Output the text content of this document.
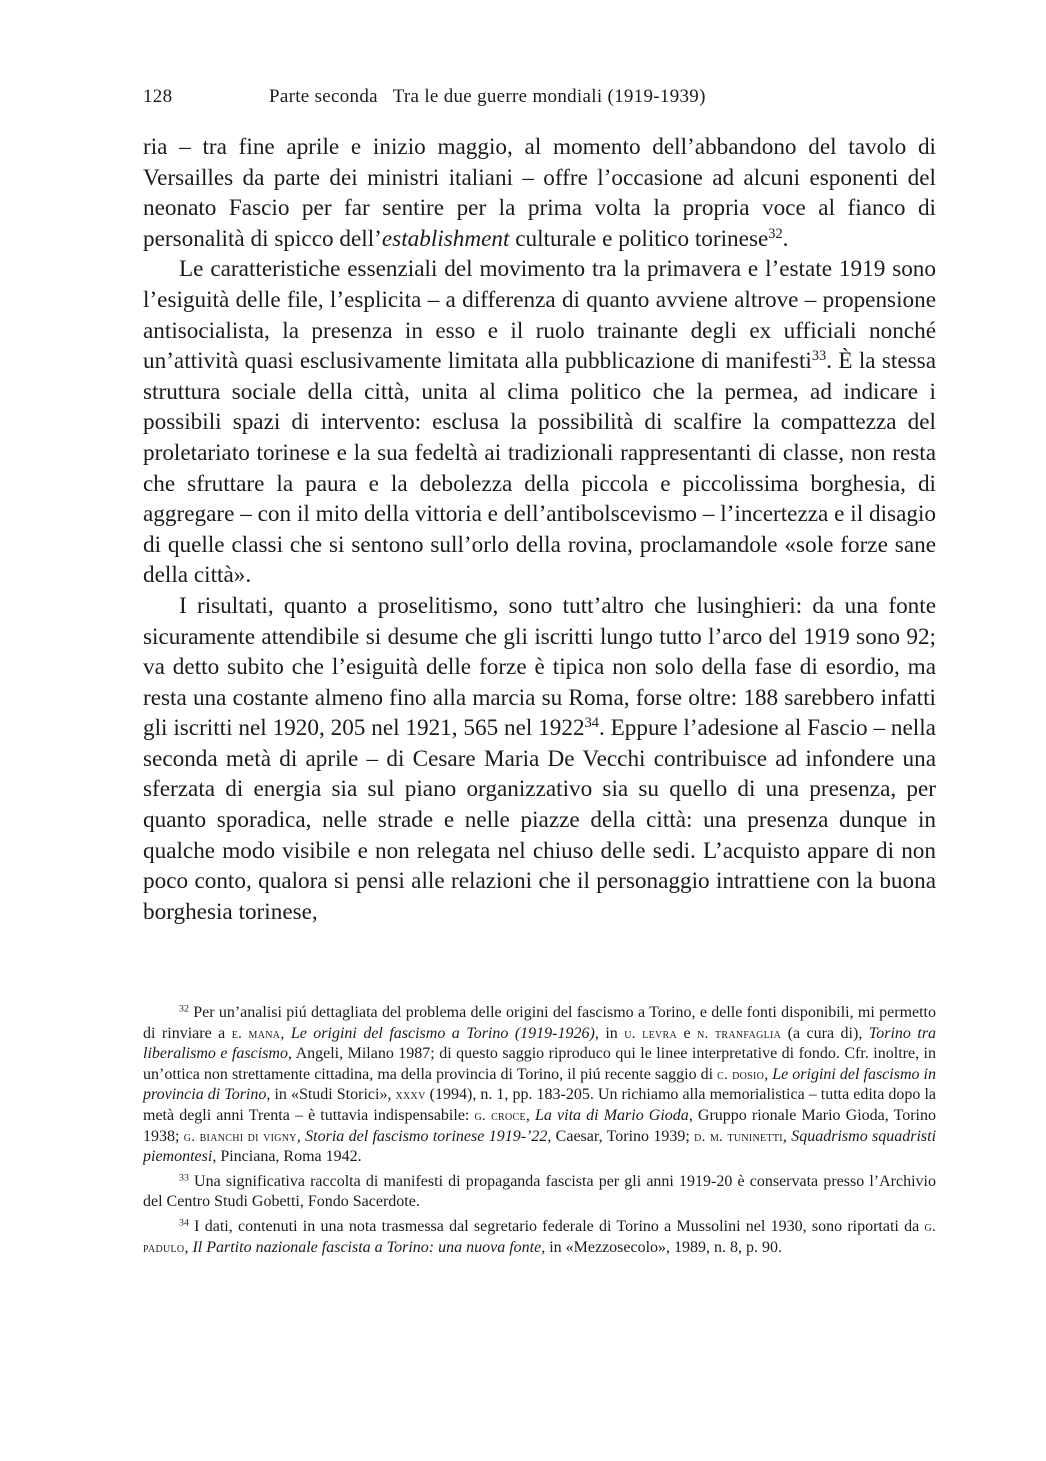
128	Parte seconda   Tra le due guerre mondiali (1919-1939)

ria – tra fine aprile e inizio maggio, al momento dell’abbandono del tavolo di Versailles da parte dei ministri italiani – offre l’occasione ad alcuni esponenti del neonato Fascio per far sentire per la prima volta la propria voce al fianco di personalità di spicco dell’establishment culturale e politico torinese$^{32}$.

Le caratteristiche essenziali del movimento tra la primavera e l’estate 1919 sono l’esiguità delle file, l’esplicita – a differenza di quanto avviene altrove – propensione antisocialista, la presenza in esso e il ruolo trainante degli ex ufficiali nonché un’attività quasi esclusivamente limitata alla pubblicazione di manifesti$^{33}$. È la stessa struttura sociale della città, unita al clima politico che la permea, ad indicare i possibili spazi di intervento: esclusa la possibilità di scalfire la compattezza del proletariato torinese e la sua fedeltà ai tradizionali rappresentanti di classe, non resta che sfruttare la paura e la debolezza della piccola e piccolissima borghesia, di aggregare – con il mito della vittoria e dell’antibolscevismo – l’incertezza e il disagio di quelle classi che si sentono sull’orlo della rovina, proclamandole «sole forze sane della città».

I risultati, quanto a proselitismo, sono tutt’altro che lusinghieri: da una fonte sicuramente attendibile si desume che gli iscritti lungo tutto l’arco del 1919 sono 92; va detto subito che l’esiguità delle forze è tipica non solo della fase di esordio, ma resta una costante almeno fino alla marcia su Roma, forse oltre: 188 sarebbero infatti gli iscritti nel 1920, 205 nel 1921, 565 nel 1922$^{34}$. Eppure l’adesione al Fascio – nella seconda metà di aprile – di Cesare Maria De Vecchi contribuisce ad infondere una sferzata di energia sia sul piano organizzativo sia su quello di una presenza, per quanto sporadica, nelle strade e nelle piazze della città: una presenza dunque in qualche modo visibile e non relegata nel chiuso delle sedi. L’acquisto appare di non poco conto, qualora si pensi alle relazioni che il personaggio intrattiene con la buona borghesia torinese,

$^{32}$ Per un’analisi piú dettagliata del problema delle origini del fascismo a Torino, e delle fonti disponibili, mi permetto di rinviare a e. mana, Le origini del fascismo a Torino (1919-1926), in u. levra e n. tranfaglia (a cura di), Torino tra liberalismo e fascismo, Angeli, Milano 1987; di questo saggio riproduco qui le linee interpretative di fondo. Cfr. inoltre, in un’ottica non strettamente cittadina, ma della provincia di Torino, il piú recente saggio di c. dosio, Le origini del fascismo in provincia di Torino, in «Studi Storici», xxxv (1994), n. 1, pp. 183-205. Un richiamo alla memorialistica – tutta edita dopo la metà degli anni Trenta – è tuttavia indispensabile: g. croce, La vita di Mario Gioda, Gruppo rionale Mario Gioda, Torino 1938; g. bianchi di vigny, Storia del fascismo torinese 1919-’22, Caesar, Torino 1939; d. m. tuninetti, Squadrismo squadristi piemontesi, Pinciana, Roma 1942.

$^{33}$ Una significativa raccolta di manifesti di propaganda fascista per gli anni 1919-20 è conservata presso l’Archivio del Centro Studi Gobetti, Fondo Sacerdote.

$^{34}$ I dati, contenuti in una nota trasmessa dal segretario federale di Torino a Mussolini nel 1930, sono riportati da g. padulo, Il Partito nazionale fascista a Torino: una nuova fonte, in «Mezzosecolo», 1989, n. 8, p. 90.
